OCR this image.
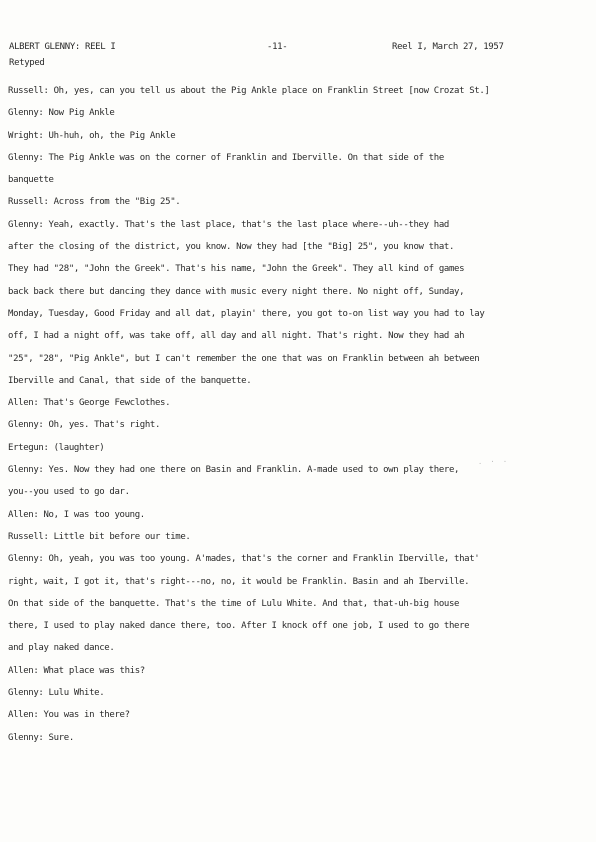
ALBERT GLENNY: REEL I	-11-	Reel I, March 27, 1957
Retyped
Russell: Oh, yes, can you tell us about the Pig Ankle place on Franklin Street [now Crozat St.]
Glenny: Now Pig Ankle
Wright: Uh-huh, oh, the Pig Ankle
Glenny: The Pig Ankle was on the corner of Franklin and Iberville. On that side of the
banquette
Russell: Across from the "Big 25".
Glenny: Yeah, exactly. That's the last place, that's the last place where--uh--they had
after the closing of the district, you know. Now they had [the "Big] 25", you know that.
They had "28", "John the Greek". That's his name, "John the Greek". They all kind of games
back back there but dancing they dance with music every night there. No night off, Sunday,
Monday, Tuesday, Good Friday and all dat, playin' there, you got to-on list way you had to lay
off, I had a night off, was take off, all day and all night. That's right. Now they had ah
"25", "28", "Pig Ankle", but I can't remember the one that was on Franklin between ah between
Iberville and Canal, that side of the banquette.
Allen: That's George Fewclothes.
Glenny: Oh, yes. That's right.
Ertegun: (laughter)
Glenny: Yes. Now they had one there on Basin and Franklin. A-made used to own play there,
you--you used to go dar.
Allen: No, I was too young.
Russell: Little bit before our time.
Glenny: Oh, yeah, you was too young. A'mades, that's the corner and Franklin Iberville, that'
right, wait, I got it, that's right---no, no, it would be Franklin. Basin and ah Iberville.
On that side of the banquette. That's the time of Lulu White. And that, that-uh-big house
there, I used to play naked dance there, too. After I knock off one job, I used to go there
and play naked dance.
Allen: What place was this?
Glenny: Lulu White.
Allen: You was in there?
Glenny: Sure.
. · ·
